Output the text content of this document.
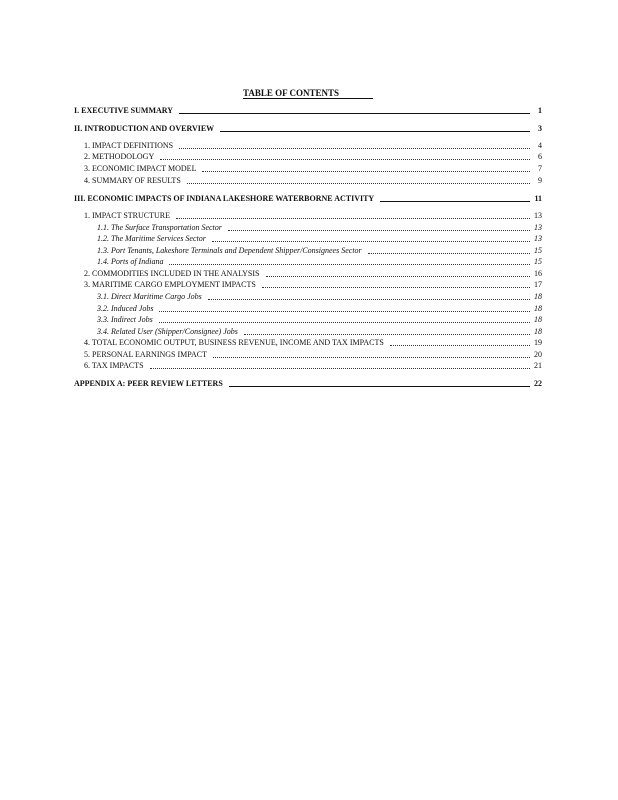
TABLE OF CONTENTS
I. EXECUTIVE SUMMARY	1
II. INTRODUCTION AND OVERVIEW	3
1. IMPACT DEFINITIONS	4
2. METHODOLOGY	6
3. ECONOMIC IMPACT MODEL	7
4. SUMMARY OF RESULTS	9
III. ECONOMIC IMPACTS OF INDIANA LAKESHORE WATERBORNE ACTIVITY	11
1. IMPACT STRUCTURE	13
1.1. The Surface Transportation Sector	13
1.2. The Maritime Services Sector	13
1.3. Port Tenants, Lakeshore Terminals and Dependent Shipper/Consignees Sector	15
1.4. Ports of Indiana	15
2. COMMODITIES INCLUDED IN THE ANALYSIS	16
3. MARITIME CARGO EMPLOYMENT IMPACTS	17
3.1. Direct Maritime Cargo Jobs	18
3.2. Induced Jobs	18
3.3. Indirect Jobs	18
3.4. Related User (Shipper/Consignee) Jobs	18
4. TOTAL ECONOMIC OUTPUT, BUSINESS REVENUE, INCOME AND TAX IMPACTS	19
5. PERSONAL EARNINGS IMPACT	20
6. TAX IMPACTS	21
APPENDIX A: PEER REVIEW LETTERS	22
